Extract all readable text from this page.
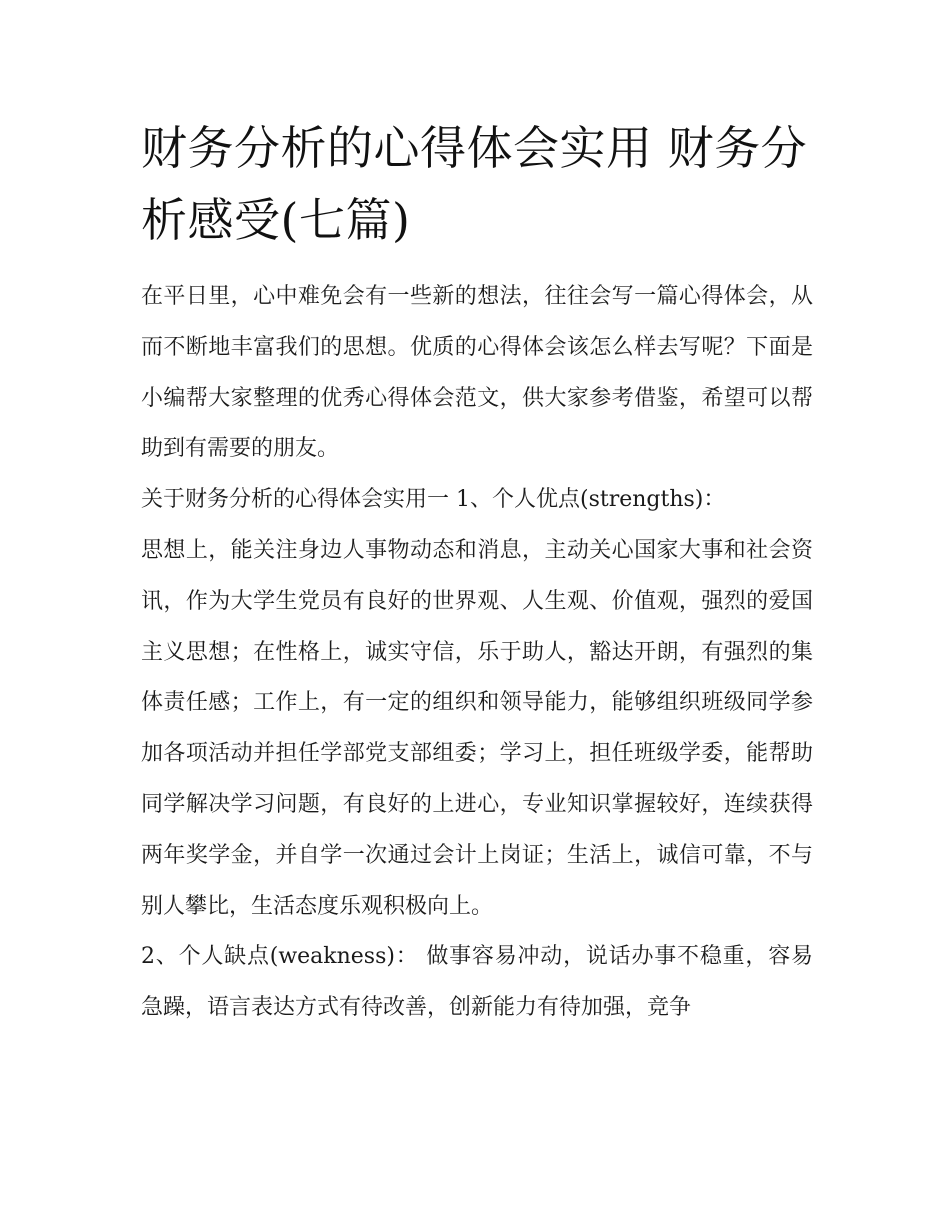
财务分析的心得体会实用 财务分析感受(七篇)

在平日里，心中难免会有一些新的想法，往往会写一篇心得体会，从而不断地丰富我们的思想。优质的心得体会该怎么样去写呢？下面是小编帮大家整理的优秀心得体会范文，供大家参考借鉴，希望可以帮助到有需要的朋友。

关于财务分析的心得体会实用一 1、个人优点(strengths)：

思想上，能关注身边人事物动态和消息，主动关心国家大事和社会资讯，作为大学生党员有良好的世界观、人生观、价值观，强烈的爱国主义思想；在性格上，诚实守信，乐于助人，豁达开朗，有强烈的集体责任感；工作上，有一定的组织和领导能力，能够组织班级同学参加各项活动并担任学部党支部组委；学习上，担任班级学委，能帮助同学解决学习问题，有良好的上进心，专业知识掌握较好，连续获得两年奖学金，并自学一次通过会计上岗证；生活上，诚信可靠，不与别人攀比，生活态度乐观积极向上。

2、个人缺点(weakness)： 做事容易冲动，说话办事不稳重，容易急躁，语言表达方式有待改善，创新能力有待加强，竞争
